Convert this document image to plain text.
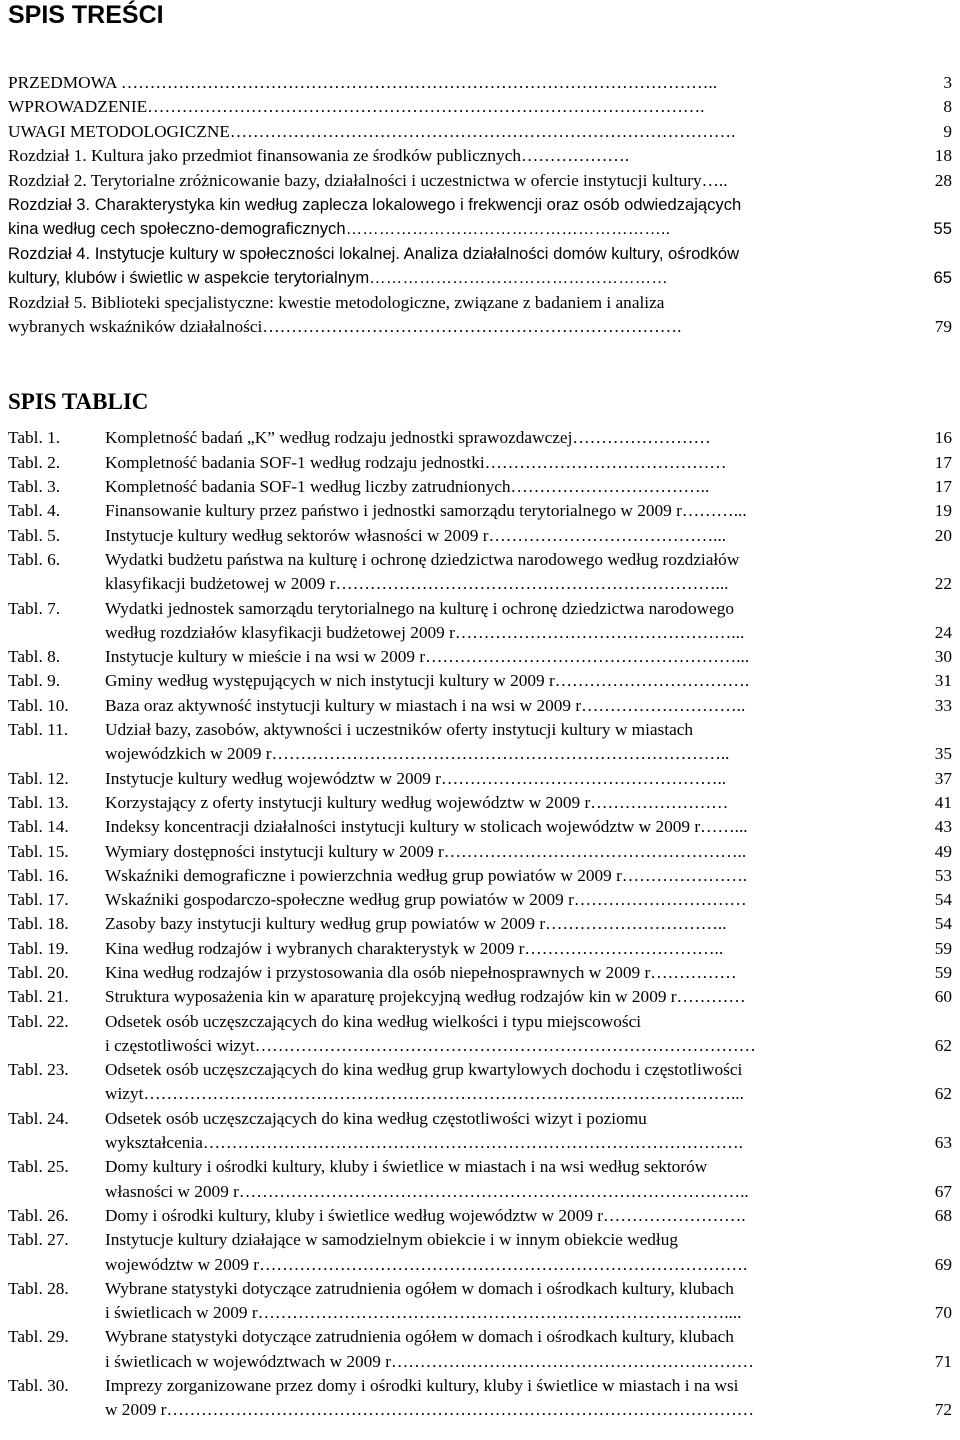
SPIS TREŚCI
PRZEDMOWA …………………………………………………………………………………………..	3
WPROWADZENIE…………………………………………………………………………………….	8
UWAGI METODOLOGICZNE…………………………………………………………………………….	9
Rozdział 1. Kultura jako przedmiot finansowania ze środków publicznych……………….	18
Rozdział 2. Terytorialne zróżnicowanie bazy, działalności i uczestnictwa w ofercie instytucji kultury…..	28
Rozdział 3. Charakterystyka kin według zaplecza lokalowego i frekwencji oraz osób odwiedzających
kina według cech społeczno-demograficznych…………………………………………………..	55
Rozdział 4. Instytucje kultury w społeczności lokalnej. Analiza działalności domów kultury, ośrodków
kultury, klubów i świetlic w aspekcie terytorialnym………………………………………………	65
Rozdział 5. Biblioteki specjalistyczne: kwestie metodologiczne, związane z badaniem i analiza
wybranych wskaźników działalności……………………………………………………………….	79
SPIS TABLIC
Tabl. 1.	Kompletność badań „K” według rodzaju jednostki sprawozdawczej……………………	16
Tabl. 2.	Kompletność badania SOF-1 według rodzaju jednostki……………………………………	17
Tabl. 3.	Kompletność badania SOF-1 według liczby zatrudnionych……………………………..	17
Tabl. 4.	Finansowanie kultury przez państwo i jednostki samorządu terytorialnego w 2009 r………...	19
Tabl. 5.	Instytucje kultury według sektorów własności w 2009 r…………………………………...	20
Tabl. 6.	Wydatki budżetu państwa na kulturę i ochronę dziedzictwa narodowego według rozdziałów
klasyfikacji budżetowej w 2009 r…………………………………………………………...	22
Tabl. 7.	Wydatki jednostek samorządu terytorialnego na kulturę i ochronę dziedzictwa narodowego
według rozdziałów klasyfikacji budżetowej 2009 r…………………………………………...	24
Tabl. 8.	Instytucje kultury w mieście i na wsi w 2009 r………………………………………………...	30
Tabl. 9.	Gminy według występujących w nich instytucji kultury w 2009 r…………………………….	31
Tabl. 10.	Baza oraz aktywność instytucji kultury w miastach i na wsi w 2009 r………………………..	33
Tabl. 11.	Udział bazy, zasobów, aktywności i uczestników oferty instytucji kultury w miastach
wojewódzkich w 2009 r……………………………………………………………………..	35
Tabl. 12.	Instytucje kultury według województw w 2009 r…………………………………………..	37
Tabl. 13.	Korzystający z oferty instytucji kultury według województw w 2009 r……………………	41
Tabl. 14.	Indeksy koncentracji działalności instytucji kultury w stolicach województw w 2009 r……...	43
Tabl. 15.	Wymiary dostępności instytucji kultury w 2009 r……………………………………………..	49
Tabl. 16.	Wskaźniki demograficzne i powierzchnia według grup powiatów w 2009 r………………….	53
Tabl. 17.	Wskaźniki gospodarczo-społeczne według grup powiatów w 2009 r…………………………	54
Tabl. 18.	Zasoby bazy instytucji kultury według grup powiatów w 2009 r…………………………..	54
Tabl. 19.	Kina według rodzajów i wybranych charakterystyk w 2009 r……………………………..	59
Tabl. 20.	Kina według rodzajów i przystosowania dla osób niepełnosprawnych w 2009 r……………	59
Tabl. 21.	Struktura wyposażenia kin w aparaturę projekcyjną według rodzajów kin w 2009 r…………	60
Tabl. 22.	Odsetek osób uczęszczających do kina według wielkości i typu miejscowości
i częstotliwości wizyt……………………………………………………………………………	62
Tabl. 23.	Odsetek osób uczęszczających do kina według grup kwartylowych dochodu i częstotliwości
wizyt…………………………………………………………………………………………...	62
Tabl. 24.	Odsetek osób uczęszczających do kina według częstotliwości wizyt i poziomu
wykształcenia………………………………………………………………………………….	63
Tabl. 25.	Domy kultury i ośrodki kultury, kluby i świetlice w miastach i na wsi według sektorów
własności w 2009 r……………………………………………………………………………..	67
Tabl. 26.	Domy i ośrodki kultury, kluby i świetlice według województw w 2009 r…………………….	68
Tabl. 27.	Instytucje kultury działające w samodzielnym obiekcie i w innym obiekcie według
województw w 2009 r………………………………………………………………………….	69
Tabl. 28.	Wybrane statystyki dotyczące zatrudnienia ogółem w domach i ośrodkach kultury, klubach
i świetlicach w 2009 r………………………………………………………………………....	70
Tabl. 29.	Wybrane statystyki dotyczące zatrudnienia ogółem w domach i ośrodkach kultury, klubach
i świetlicach w województwach w 2009 r………………………………………………………	71
Tabl. 30.	Imprezy zorganizowane przez domy i ośrodki kultury, kluby i świetlice w miastach i na wsi
w 2009 r…………………………………………………………………………………………	72
